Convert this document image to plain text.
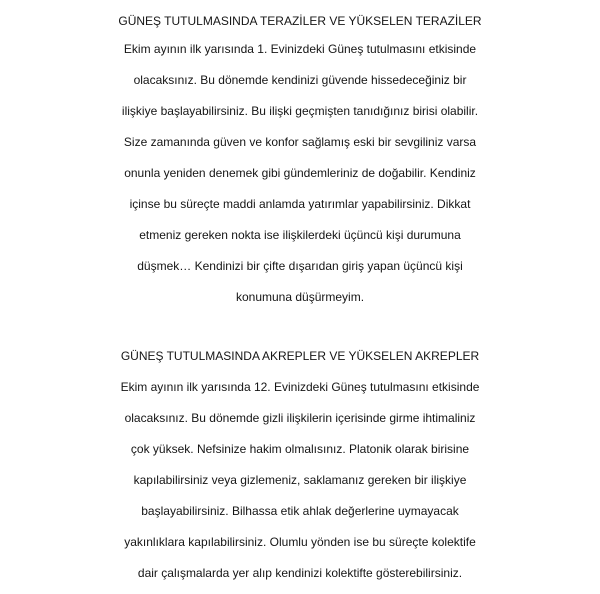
GÜNEŞ TUTULMASINDA TERAZİLER VE YÜKSELEN TERAZİLER
Ekim ayının ilk yarısında 1. Evinizdeki Güneş tutulmasını etkisinde
olacaksınız. Bu dönemde kendinizi güvende hissedeceğiniz bir
ilişkiye başlayabilirsiniz. Bu ilişki geçmişten tanıdığınız birisi olabilir.
Size zamanında güven ve konfor sağlamış eski bir sevgiliniz varsa
onunla yeniden denemek gibi gündemleriniz de doğabilir. Kendiniz
içinse bu süreçte maddi anlamda yatırımlar yapabilirsiniz. Dikkat
etmeniz gereken nokta ise ilişkilerdeki üçüncü kişi durumuna
düşmek… Kendinizi bir çifte dışarıdan giriş yapan üçüncü kişi
konumuna düşürmeyim.
GÜNEŞ TUTULMASINDA AKREPLER VE YÜKSELEN AKREPLER
Ekim ayının ilk yarısında 12. Evinizdeki Güneş tutulmasını etkisinde
olacaksınız. Bu dönemde gizli ilişkilerin içerisinde girme ihtimaliniz
çok yüksek. Nefsinize hakim olmalısınız. Platonik olarak birisine
kapılabilirsiniz veya gizlemeniz, saklamanız gereken bir ilişkiye
başlayabilirsiniz. Bilhassa etik ahlak değerlerine uymayacak
yakınlıklara kapılabilirsiniz. Olumlu yönden ise bu süreçte kolektife
dair çalışmalarda yer alıp kendinizi kolektifte gösterebilirsiniz.
